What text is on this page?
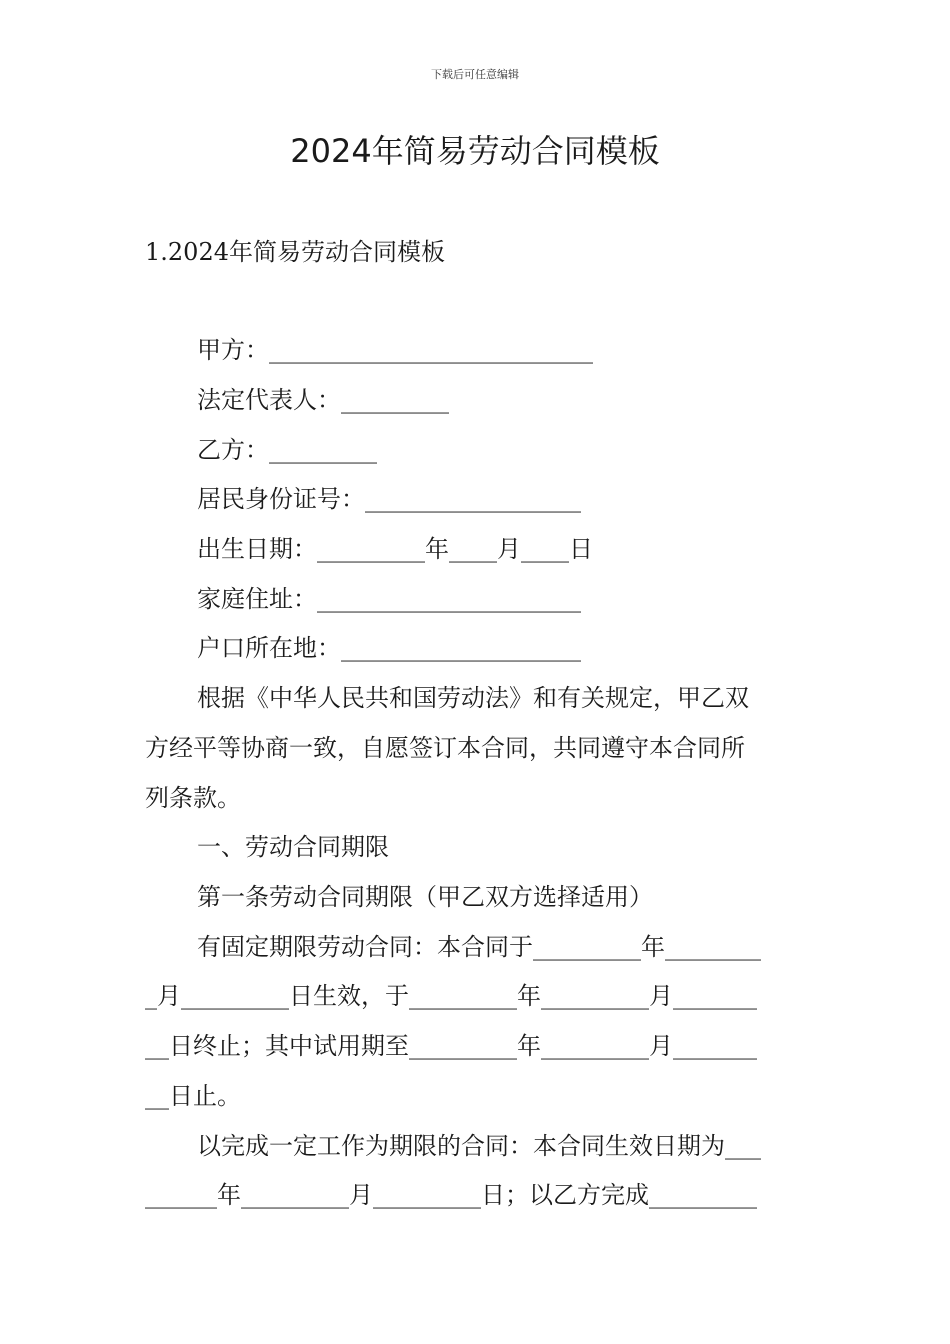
下载后可任意编辑
2024年简易劳动合同模板
1.2024年简易劳动合同模板
甲方：___________________________
法定代表人：_________
乙方：_________
居民身份证号：__________________
出生日期：_________年____月____日
家庭住址：______________________
户口所在地：____________________
根据《中华人民共和国劳动法》和有关规定，甲乙双
方经平等协商一致，自愿签订本合同，共同遵守本合同所
列条款。
一、劳动合同期限
第一条劳动合同期限（甲乙双方选择适用）
有固定期限劳动合同：本合同于_________年________
_月_________日生效，于_________年_________月_______
__日终止；其中试用期至_________年_________月_______
__日止。
以完成一定工作为期限的合同：本合同生效日期为___
______年_________月_________日；以乙方完成_________
